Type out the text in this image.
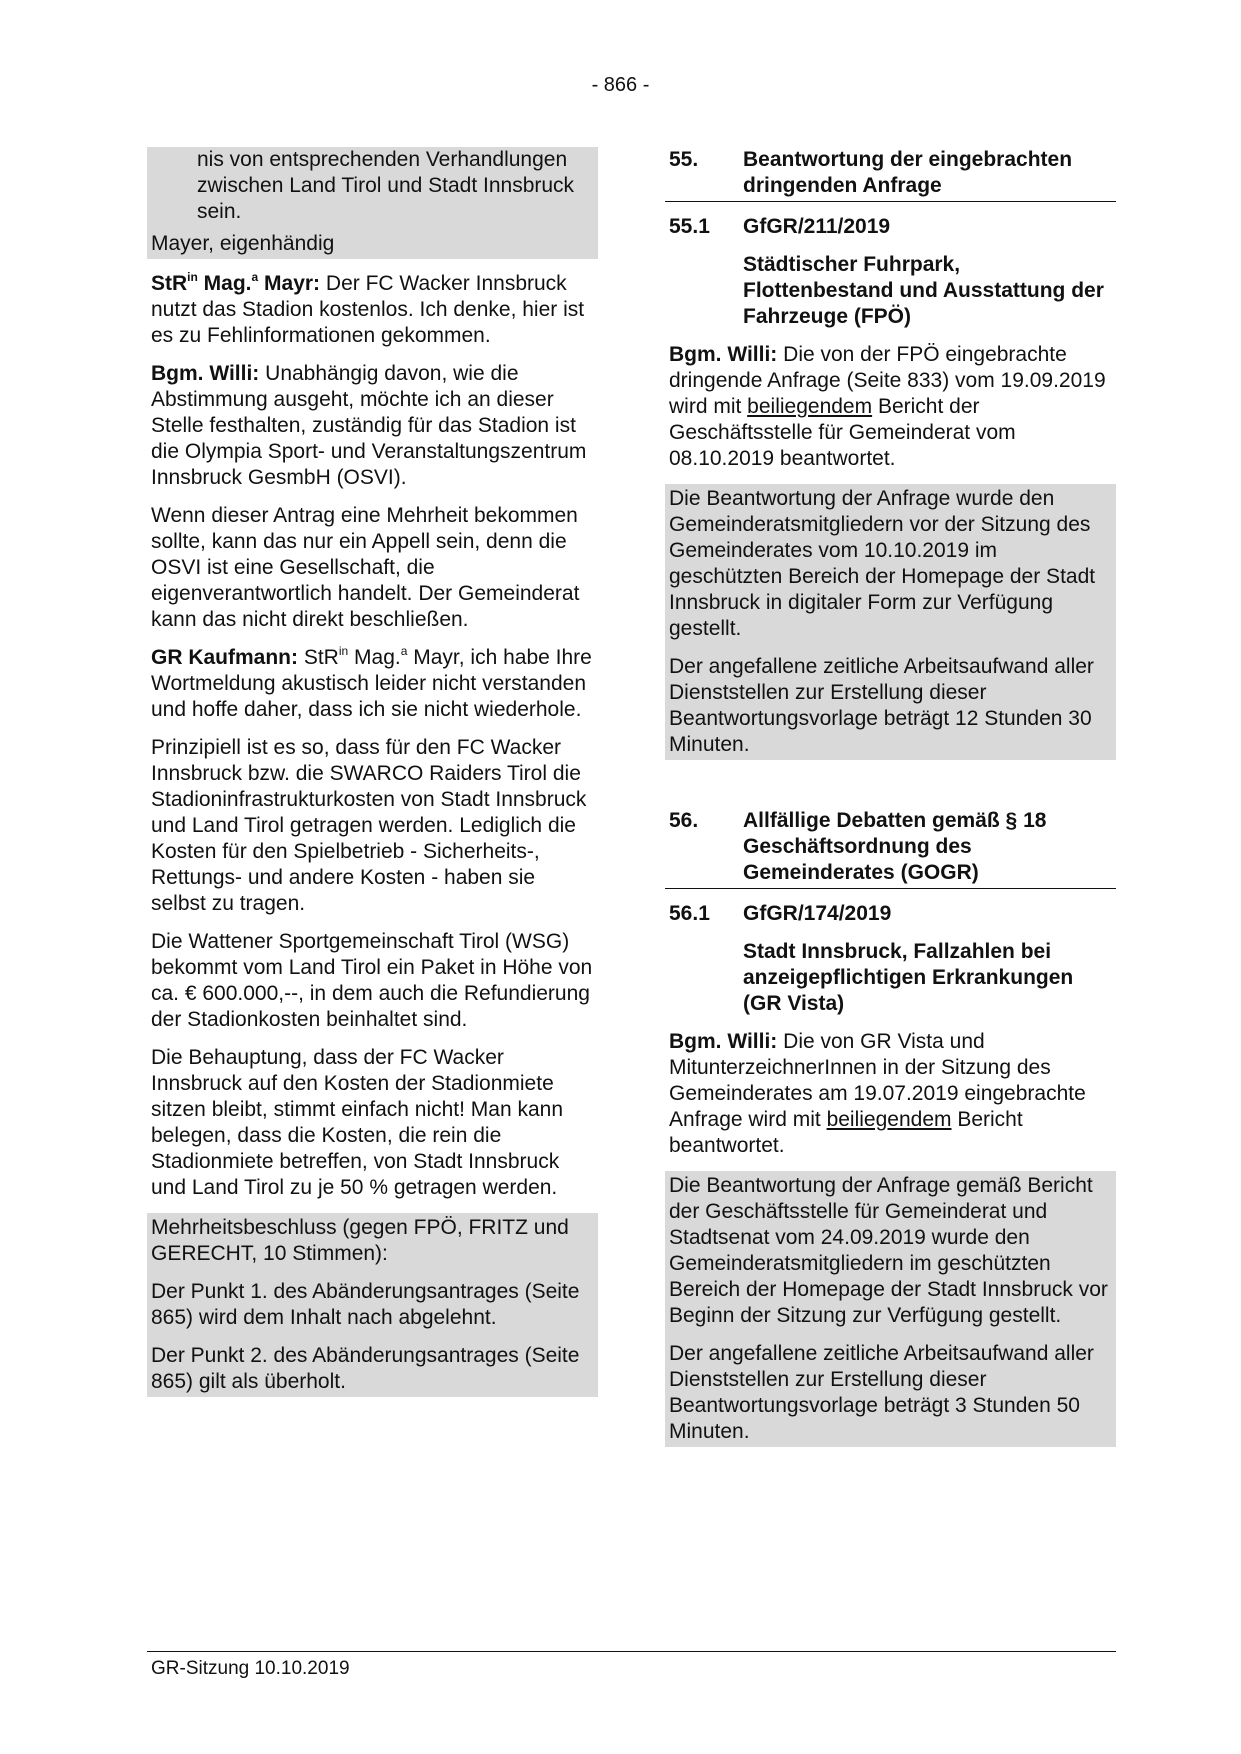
- 866 -

nis von entsprechenden Verhandlungen zwischen Land Tirol und Stadt Innsbruck sein.

Mayer, eigenhändig

StR$^{in}$ Mag.$^a$ Mayr: Der FC Wacker Innsbruck nutzt das Stadion kostenlos. Ich denke, hier ist es zu Fehlinformationen gekommen.

Bgm. Willi: Unabhängig davon, wie die Abstimmung ausgeht, möchte ich an dieser Stelle festhalten, zuständig für das Stadion ist die Olympia Sport- und Veranstaltungszentrum Innsbruck GesmbH (OSVI).

Wenn dieser Antrag eine Mehrheit bekommen sollte, kann das nur ein Appell sein, denn die OSVI ist eine Gesellschaft, die eigenverantwortlich handelt. Der Gemeinderat kann das nicht direkt beschließen.

GR Kaufmann: StR$^{in}$ Mag.$^a$ Mayr, ich habe Ihre Wortmeldung akustisch leider nicht verstanden und hoffe daher, dass ich sie nicht wiederhole.

Prinzipiell ist es so, dass für den FC Wacker Innsbruck bzw. die SWARCO Raiders Tirol die Stadioninfrastrukturkosten von Stadt Innsbruck und Land Tirol getragen werden. Lediglich die Kosten für den Spielbetrieb - Sicherheits-, Rettungs- und andere Kosten - haben sie selbst zu tragen.

Die Wattener Sportgemeinschaft Tirol (WSG) bekommt vom Land Tirol ein Paket in Höhe von ca. € 600.000,--, in dem auch die Refundierung der Stadionkosten beinhaltet sind.

Die Behauptung, dass der FC Wacker Innsbruck auf den Kosten der Stadionmiete sitzen bleibt, stimmt einfach nicht! Man kann belegen, dass die Kosten, die rein die Stadionmiete betreffen, von Stadt Innsbruck und Land Tirol zu je 50 % getragen werden.

Mehrheitsbeschluss (gegen FPÖ, FRITZ und GERECHT, 10 Stimmen):

Der Punkt 1. des Abänderungsantrages (Seite 865) wird dem Inhalt nach abgelehnt.

Der Punkt 2. des Abänderungsantrages (Seite 865) gilt als überholt.

55.	Beantwortung der eingebrachten dringenden Anfrage
55.1	GfGR/211/2019

Städtischer Fuhrpark, Flottenbestand und Ausstattung der Fahrzeuge (FPÖ)

Bgm. Willi: Die von der FPÖ eingebrachte dringende Anfrage (Seite 833) vom 19.09.2019 wird mit beiliegendem Bericht der Geschäftsstelle für Gemeinderat vom 08.10.2019 beantwortet.

Die Beantwortung der Anfrage wurde den Gemeinderatsmitgliedern vor der Sitzung des Gemeinderates vom 10.10.2019 im geschützten Bereich der Homepage der Stadt Innsbruck in digitaler Form zur Verfügung gestellt.

Der angefallene zeitliche Arbeitsaufwand aller Dienststellen zur Erstellung dieser Beantwortungsvorlage beträgt 12 Stunden 30 Minuten.

56.	Allfällige Debatten gemäß § 18 Geschäftsordnung des Gemeinderates (GOGR)
56.1	GfGR/174/2019

Stadt Innsbruck, Fallzahlen bei anzeigepflichtigen Erkrankungen (GR Vista)

Bgm. Willi: Die von GR Vista und MitunterzeichnerInnen in der Sitzung des Gemeinderates am 19.07.2019 eingebrachte Anfrage wird mit beiliegendem Bericht beantwortet.

Die Beantwortung der Anfrage gemäß Bericht der Geschäftsstelle für Gemeinderat und Stadtsenat vom 24.09.2019 wurde den Gemeinderatsmitgliedern im geschützten Bereich der Homepage der Stadt Innsbruck vor Beginn der Sitzung zur Verfügung gestellt.

Der angefallene zeitliche Arbeitsaufwand aller Dienststellen zur Erstellung dieser Beantwortungsvorlage beträgt 3 Stunden 50 Minuten.

GR-Sitzung 10.10.2019
